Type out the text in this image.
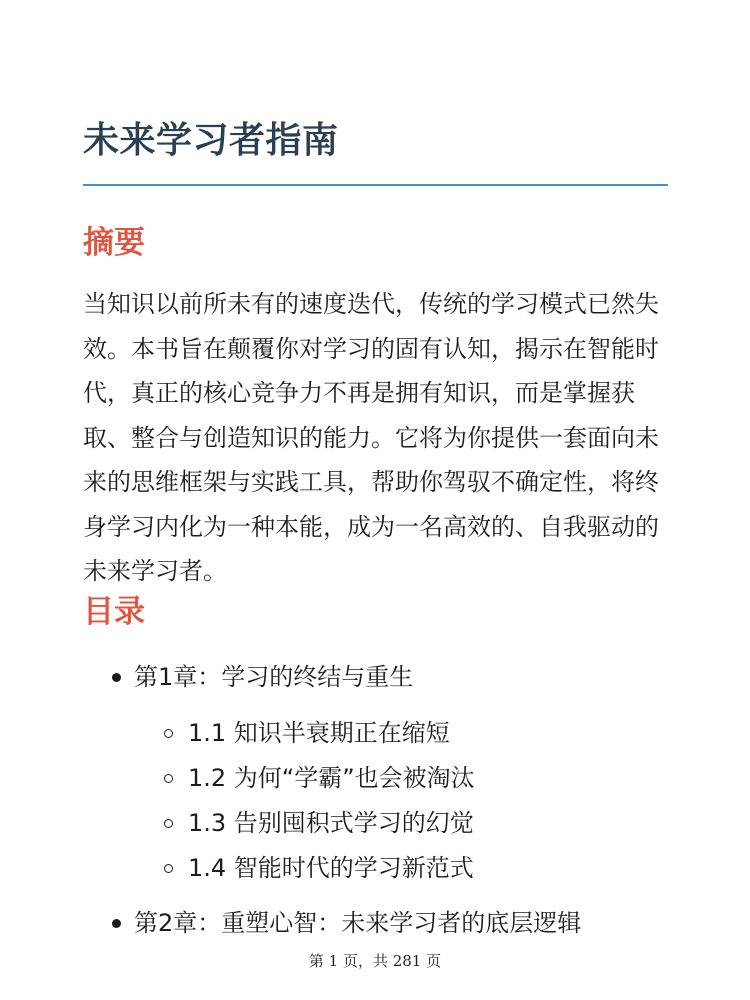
未来学习者指南
摘要

当知识以前所未有的速度迭代，传统的学习模式已然失效。本书旨在颠覆你对学习的固有认知，揭示在智能时代，真正的核心竞争力不再是拥有知识，而是掌握获取、整合与创造知识的能力。它将为你提供一套面向未来的思维框架与实践工具，帮助你驾驭不确定性，将终身学习内化为一种本能，成为一名高效的、自我驱动的未来学习者。

目录
第1章：学习的终结与重生
1.1 知识半衰期正在缩短
1.2 为何“学霸”也会被淘汰
1.3 告别囤积式学习的幻觉
1.4 智能时代的学习新范式
第2章：重塑心智：未来学习者的底层逻辑
第 1 页，共 281 页
